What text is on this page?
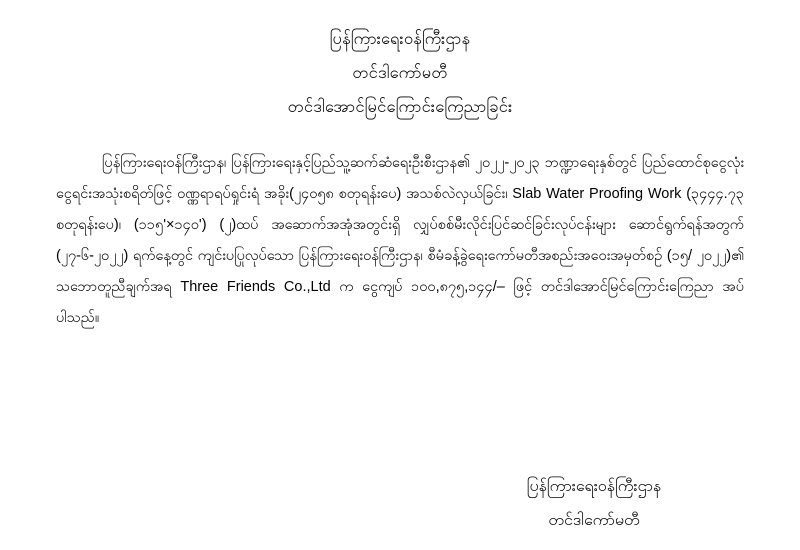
ပြန်ကြားရေးဝန်ကြီးဌာန
တင်ဒါကော်မတီ
တင်ဒါအောင်မြင်ကြောင်းကြေညာခြင်း
ပြန်ကြားရေးဝန်ကြီးဌာန၊ ပြန်ကြားရေးနှင့်ပြည်သူ့ဆက်ဆံရေးဦးစီးဌာန၏ ၂၀၂၂-၂၀၂၃ ဘဏ္ဍာရေးနှစ်တွင် ပြည်ထောင်စုငွေလုံးငွေရင်းအသုံးစရိတ်ဖြင့် ဝဏ္ဏရာရပ်ရှုင်းရံ အခိုး(၂၄၀၅၈ စတုရန်းပေ) အသစ်လဲလှယ်ခြင်း၊ Slab Water Proofing Work (၃၄၄၄.၇၃ စတုရန်းပေ)၊ (၁၁၅'×၁၄၀') (၂)ထပ် အဆောက်အအုံအတွင်းရှိ လျှပ်စစ်မီးလိုင်းပြင်ဆင်ခြင်းလုပ်ငန်းများ ဆောင်ရွက်ရန်အတွက် (၂၇-၆-၂၀၂၂) ရက်နေ့တွင် ကျင်းပပြုလုပ်သော ပြန်ကြားရေးဝန်ကြီးဌာန၊ စီမံခန့်ခွဲရေးကော်မတီအစည်းအဝေးအမှတ်စဉ် (၁၅/ ၂၀၂၂)၏ သဘောတူညီချက်အရ Three Friends Co.,Ltd က ငွေကျပ် ၁၀၀,၈၇၅,၁၄၄/– ဖြင့် တင်ဒါအောင်မြင်ကြောင်းကြေညာ အပ်ပါသည်။
ပြန်ကြားရေးဝန်ကြီးဌာန
တင်ဒါကော်မတီ
